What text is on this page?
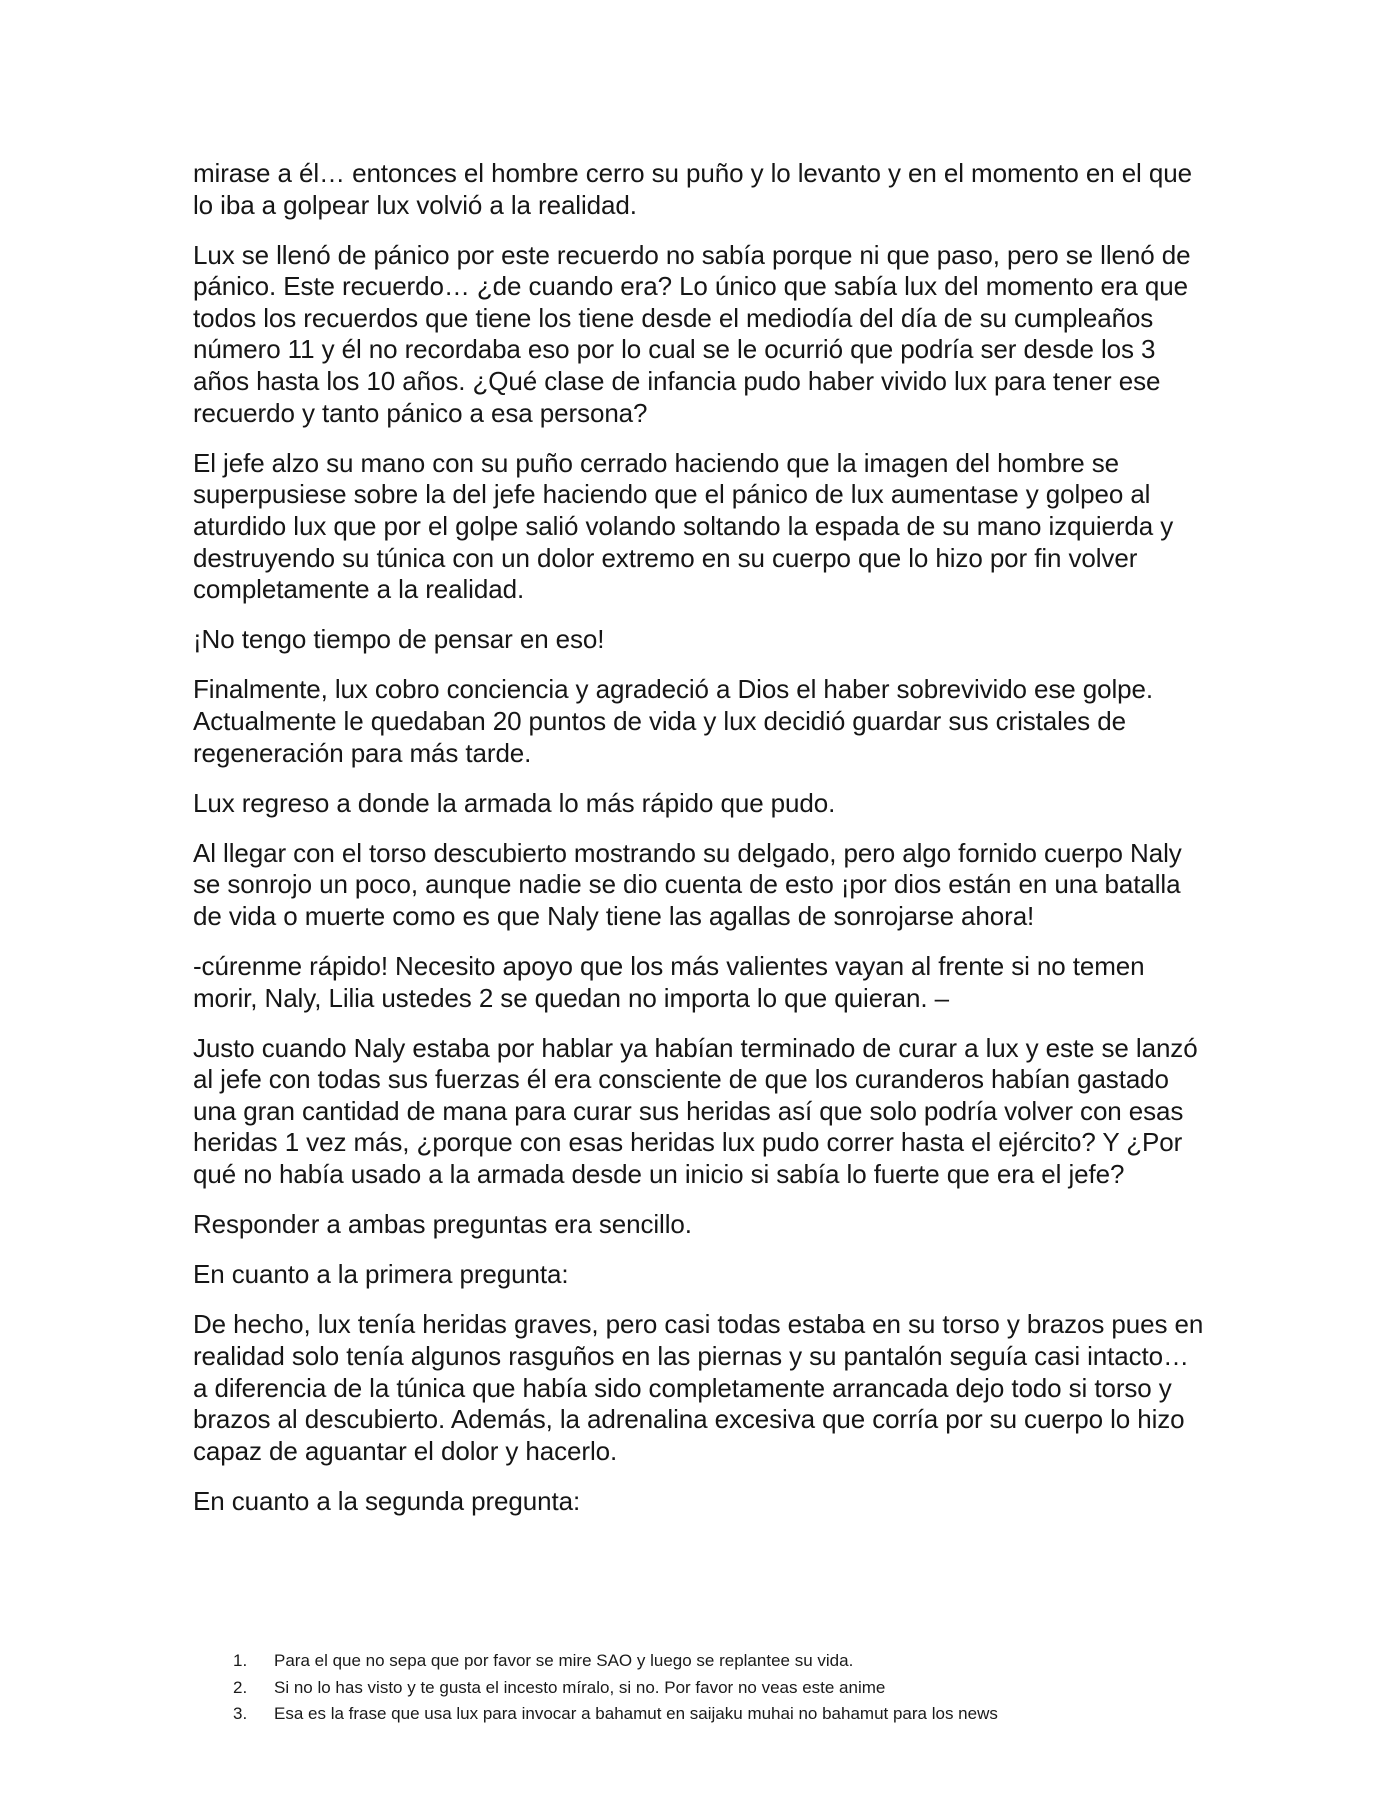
mirase a él… entonces el hombre cerro su puño y lo levanto y en el momento en el que lo iba a golpear lux volvió a la realidad.

Lux se llenó de pánico por este recuerdo no sabía porque ni que paso, pero se llenó de pánico. Este recuerdo… ¿de cuando era? Lo único que sabía lux del momento era que todos los recuerdos que tiene los tiene desde el mediodía del día de su cumpleaños número 11 y él no recordaba eso por lo cual se le ocurrió que podría ser desde los 3 años hasta los 10 años. ¿Qué clase de infancia pudo haber vivido lux para tener ese recuerdo y tanto pánico a esa persona?

El jefe alzo su mano con su puño cerrado haciendo que la imagen del hombre se superpusiese sobre la del jefe haciendo que el pánico de lux aumentase y golpeo al aturdido lux que por el golpe salió volando soltando la espada de su mano izquierda y destruyendo su túnica con un dolor extremo en su cuerpo que lo hizo por fin volver completamente a la realidad.

¡No tengo tiempo de pensar en eso!

Finalmente, lux cobro conciencia y agradeció a Dios el haber sobrevivido ese golpe. Actualmente le quedaban 20 puntos de vida y lux decidió guardar sus cristales de regeneración para más tarde.

Lux regreso a donde la armada lo más rápido que pudo.

Al llegar con el torso descubierto mostrando su delgado, pero algo fornido cuerpo Naly se sonrojo un poco, aunque nadie se dio cuenta de esto ¡por dios están en una batalla de vida o muerte como es que Naly tiene las agallas de sonrojarse ahora!

-cúrenme rápido! Necesito apoyo que los más valientes vayan al frente si no temen morir, Naly, Lilia ustedes 2 se quedan no importa lo que quieran. –

Justo cuando Naly estaba por hablar ya habían terminado de curar a lux y este se lanzó al jefe con todas sus fuerzas él era consciente de que los curanderos habían gastado una gran cantidad de mana para curar sus heridas así que solo podría volver con esas heridas 1 vez más, ¿porque con esas heridas lux pudo correr hasta el ejército? Y ¿Por qué no había usado a la armada desde un inicio si sabía lo fuerte que era el jefe?

Responder a ambas preguntas era sencillo.

En cuanto a la primera pregunta:

De hecho, lux tenía heridas graves, pero casi todas estaba en su torso y brazos pues en realidad solo tenía algunos rasguños en las piernas y su pantalón seguía casi intacto… a diferencia de la túnica que había sido completamente arrancada dejo todo si torso y brazos al descubierto. Además, la adrenalina excesiva que corría por su cuerpo lo hizo capaz de aguantar el dolor y hacerlo.

En cuanto a la segunda pregunta:

1. Para el que no sepa que por favor se mire SAO y luego se replantee su vida.
2. Si no lo has visto y te gusta el incesto míralo, si no. Por favor no veas este anime
3. Esa es la frase que usa lux para invocar a bahamut en saijaku muhai no bahamut para los news
